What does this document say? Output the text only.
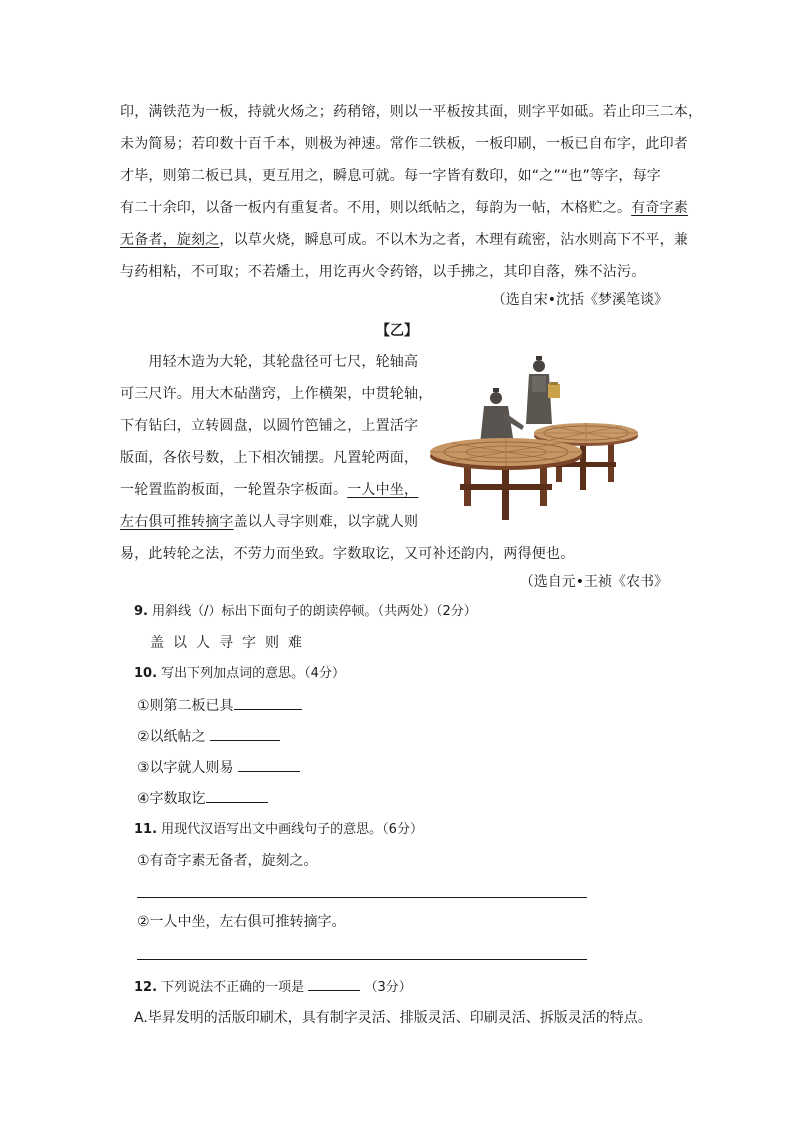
印，满铁范为一板，持就火炀之；药稍镕，则以一平板按其面，则字平如砥。若止印三二本，
未为简易；若印数十百千本，则极为神速。常作二铁板，一板印刷，一板已自布字，此印者
才毕，则第二板已具，更互用之，瞬息可就。每一字皆有数印，如“之”“也”等字，每字
有二十余印，以备一板内有重复者。不用，则以纸帖之，每韵为一帖，木格贮之。有奇字素
无备者，旋刻之，以草火烧，瞬息可成。不以木为之者，木理有疏密，沾水则高下不平，兼
与药相粘，不可取；不若燔土，用讫再火令药镕，以手拂之，其印自落，殊不沾污。
（选自宋•沈括《梦溪笔谈》
【乙】
　　用轻木造为大轮，其轮盘径可七尺，轮轴高
可三尺许。用大木砧凿窍，上作横架，中贯轮轴，
下有钻臼，立转圆盘，以圆竹笆铺之，上置活字
版面，各依号数，上下相次铺摆。凡置轮两面，
一轮置监韵板面，一轮置杂字板面。一人中坐，
左右俱可推转摘字盖以人寻字则难，以字就人则
易，此转轮之法，不劳力而坐致。字数取讫，又可补还韵内，两得便也。
（选自元•王祯《农书》
9. 用斜线（/）标出下面句子的朗读停顿。（共两处）（2分）
盖以人寻字则难
10. 写出下列加点词的意思。（4分）
①则第二板已具
②以纸帖之
③以字就人则易
④字数取讫
11. 用现代汉语写出文中画线句子的意思。（6分）
①有奇字素无备者，旋刻之。
②一人中坐，左右俱可推转摘字。
12. 下列说法不正确的一项是	（3分）
A.毕昇发明的活版印刷术，具有制字灵活、排版灵活、印刷灵活、拆版灵活的特点。
